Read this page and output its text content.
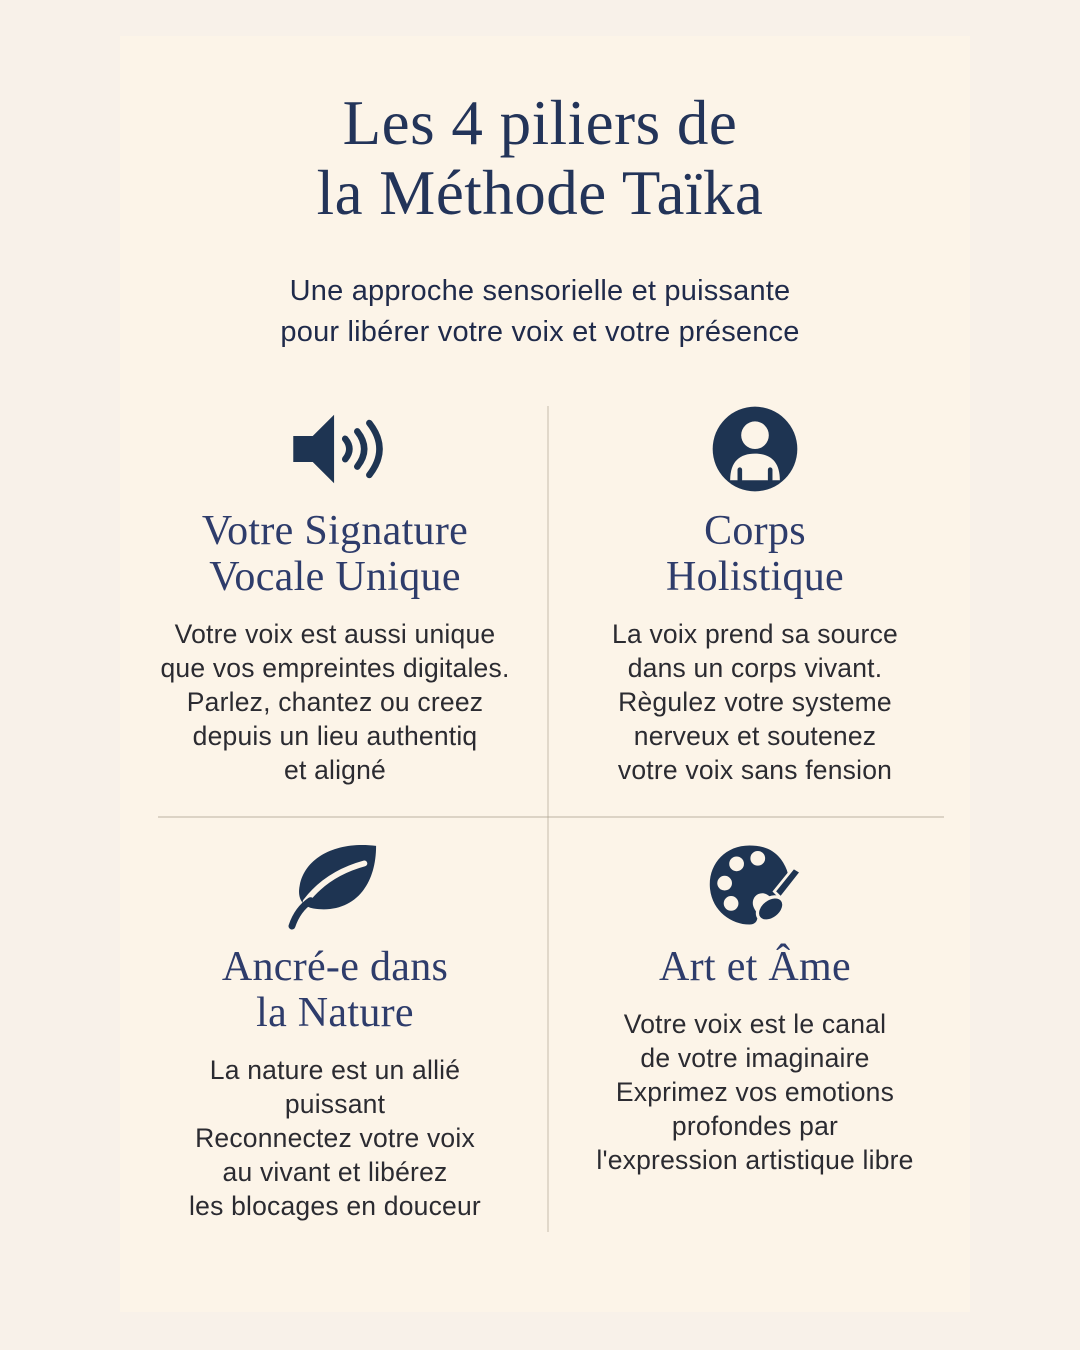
Les 4 piliers de
la Méthode Taïka
Une approche sensorielle et puissante
pour libérer votre voix et votre présence
Votre Signature
Vocale Unique

Votre voix est aussi unique
que vos empreintes digitales.
Parlez, chantez ou creez
depuis un lieu authentiq
et aligné

Corps
Holistique

La voix prend sa source
dans un corps vivant.
Règulez votre systeme
nerveux et soutenez
votre voix sans fension

Ancré-e dans
la Nature

La nature est un allié
puissant
Reconnectez votre voix
au vivant et libérez
les blocages en douceur

Art et Âme

Votre voix est le canal
de votre imaginaire
Exprimez vos emotions
profondes par
l'expression artistique libre
